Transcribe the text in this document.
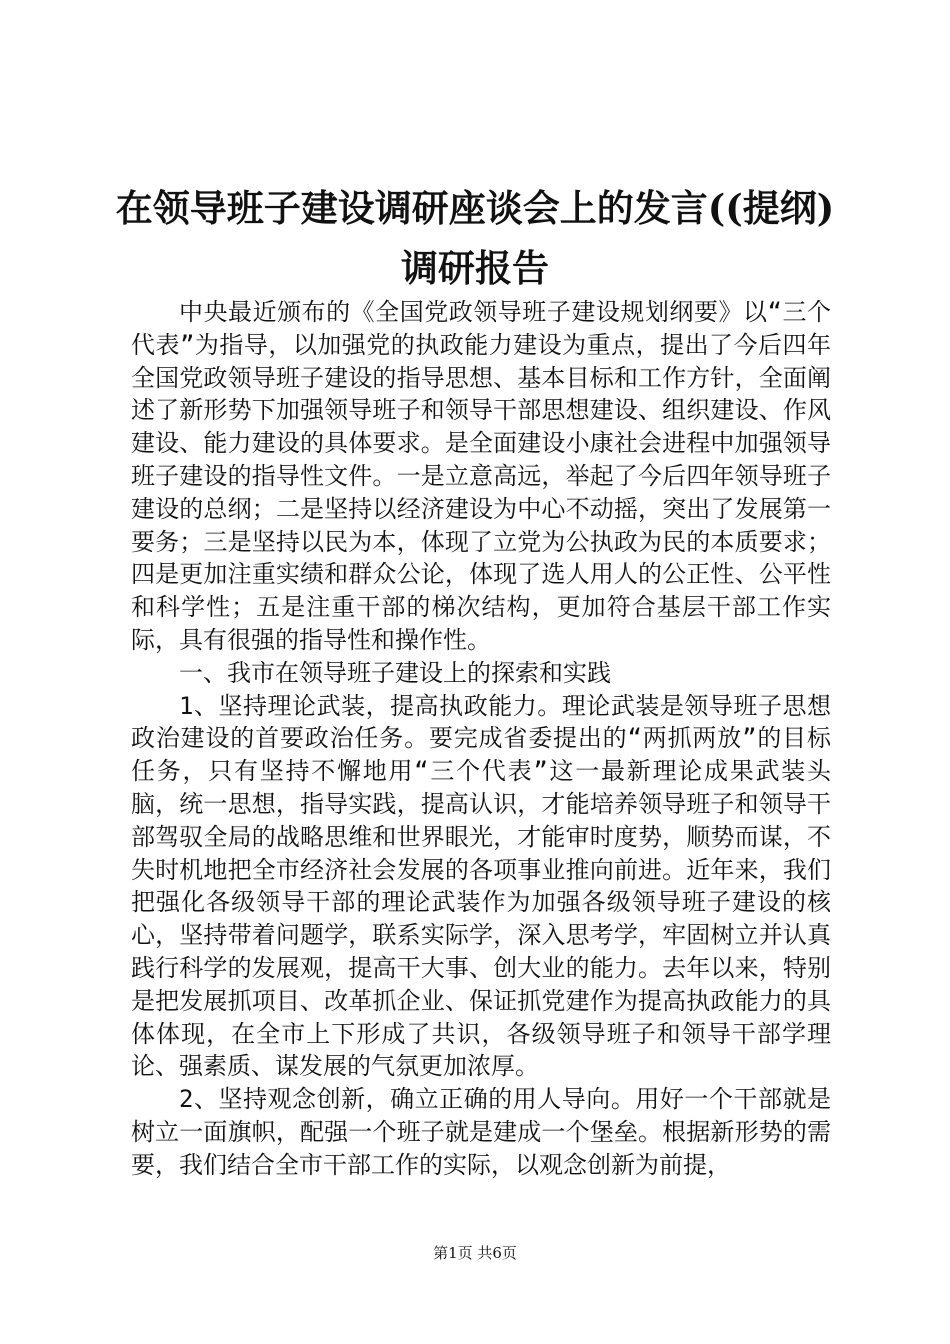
在领导班子建设调研座谈会上的发言((提纲)
调研报告

中央最近颁布的《全国党政领导班子建设规划纲要》以“三个代表”为指导，以加强党的执政能力建设为重点，提出了今后四年全国党政领导班子建设的指导思想、基本目标和工作方针，全面阐述了新形势下加强领导班子和领导干部思想建设、组织建设、作风建设、能力建设的具体要求。是全面建设小康社会进程中加强领导班子建设的指导性文件。一是立意高远，举起了今后四年领导班子建设的总纲；二是坚持以经济建设为中心不动摇，突出了发展第一要务；三是坚持以民为本，体现了立党为公执政为民的本质要求；四是更加注重实绩和群众公论，体现了选人用人的公正性、公平性和科学性；五是注重干部的梯次结构，更加符合基层干部工作实际，具有很强的指导性和操作性。

一、我市在领导班子建设上的探索和实践

1、坚持理论武装，提高执政能力。理论武装是领导班子思想政治建设的首要政治任务。要完成省委提出的“两抓两放”的目标任务，只有坚持不懈地用“三个代表”这一最新理论成果武装头脑，统一思想，指导实践，提高认识，才能培养领导班子和领导干部驾驭全局的战略思维和世界眼光，才能审时度势，顺势而谋，不失时机地把全市经济社会发展的各项事业推向前进。近年来，我们把强化各级领导干部的理论武装作为加强各级领导班子建设的核心，坚持带着问题学，联系实际学，深入思考学，牢固树立并认真践行科学的发展观，提高干大事、创大业的能力。去年以来，特别是把发展抓项目、改革抓企业、保证抓党建作为提高执政能力的具体体现，在全市上下形成了共识，各级领导班子和领导干部学理论、强素质、谋发展的气氛更加浓厚。

2、坚持观念创新，确立正确的用人导向。用好一个干部就是树立一面旗帜，配强一个班子就是建成一个堡垒。根据新形势的需要，我们结合全市干部工作的实际，以观念创新为前提，

第1页 共6页
